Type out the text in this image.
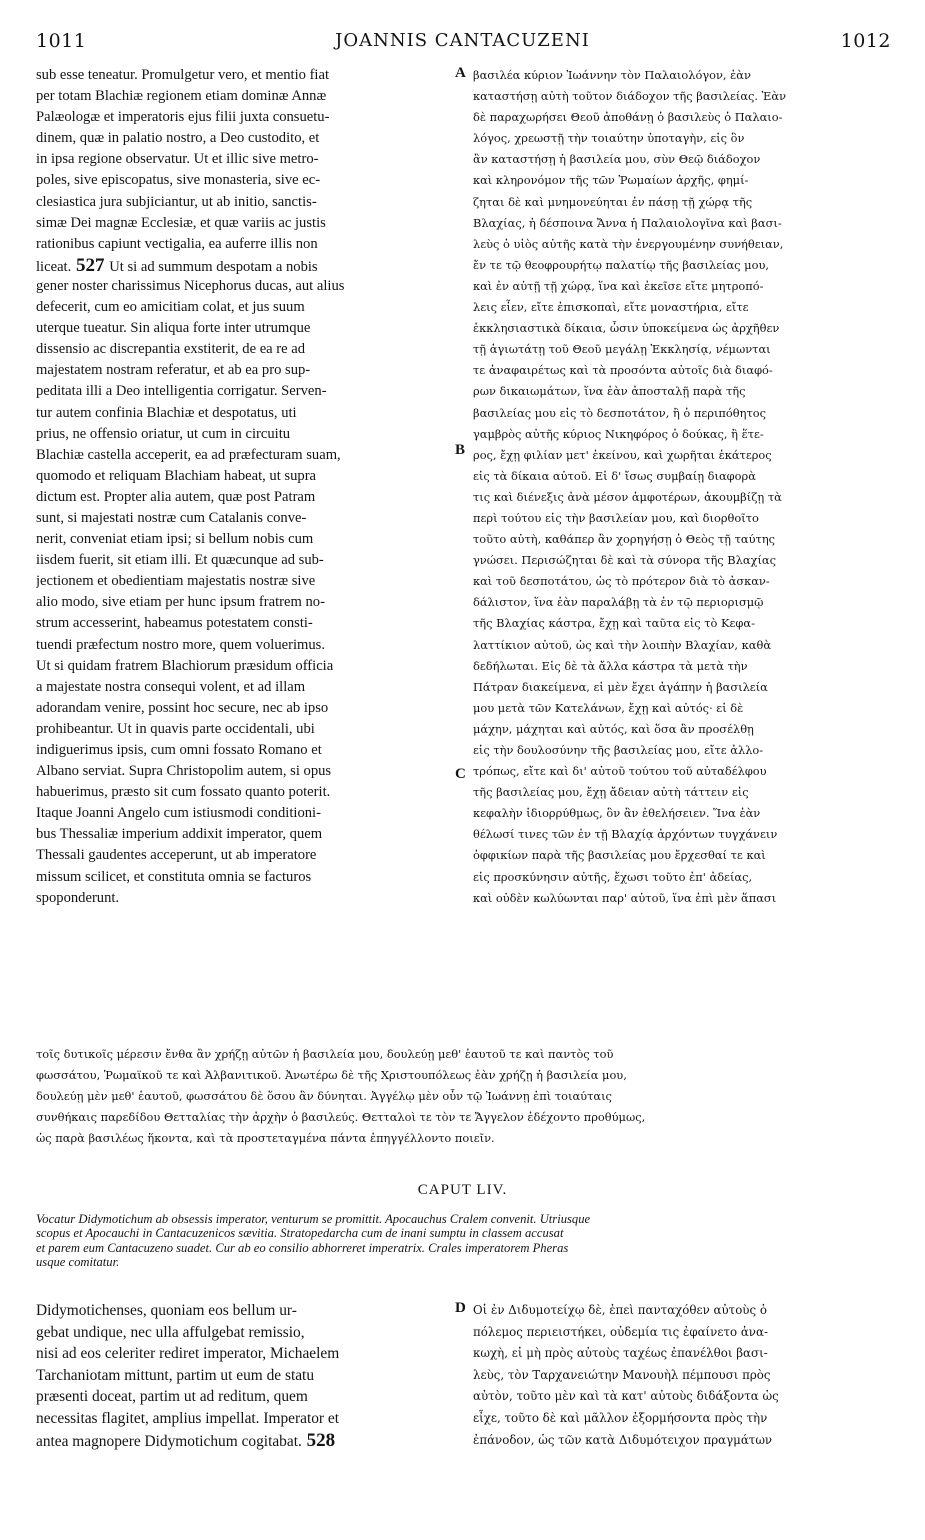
1011	JOANNIS CANTACUZENI	1012
sub esse teneatur. Promulgetur vero, et mentio fiat
per totam Blachiæ regionem etiam dominæ Annæ
Palæologæ et imperatoris ejus filii juxta consuetu-
dinem, quæ in palatio nostro, a Deo custodito, et
in ipsa regione observatur. Ut et illic sive metro-
poles, sive episcopatus, sive monasteria, sive ec-
clesiastica jura subjiciantur, ut ab initio, sanctis-
simæ Dei magnæ Ecclesiæ, et quæ variis ac justis
rationibus capiunt vectigalia, ea auferre illis non
liceat. 527 Ut si ad summum despotam a nobis
gener noster charissimus Nicephorus ducas, aut alius
defecerit, cum eo amicitiam colat, et jus suum
uterque tueatur. Sin aliqua forte inter utrumque
dissensio ac discrepantia exstiterit, de ea re ad
majestatem nostram referatur, et ab ea pro sup-
peditata illi a Deo intelligentia corrigatur. Serven-
tur autem confinia Blachiæ et despotatus, uti
prius, ne offensio oriatur, ut cum in circuitu
Blachiæ castella acceperit, ea ad præfecturam suam,
quomodo et reliquam Blachiam habeat, ut supra
dictum est. Propter alia autem, quæ post Patram
sunt, si majestati nostræ cum Catalanis conve-
nerit, conveniat etiam ipsi; si bellum nobis cum
iisdem fuerit, sit etiam illi. Et quæcunque ad sub-
jectionem et obedientiam majestatis nostræ sive
alio modo, sive etiam per hunc ipsum fratrem no-
strum accesserint, habeamus potestatem consti-
tuendi præfectum nostro more, quem voluerimus.
Ut si quidam fratrem Blachiorum præsidum officia
a majestate nostra consequi volent, et ad illam
adorandam venire, possint hoc secure, nec ab ipso
prohibeantur. Ut in quavis parte occidentali, ubi
indiguerimus ipsis, cum omni fossato Romano et
Albano serviat. Supra Christopolim autem, si opus
habuerimus, præsto sit cum fossato quanto poterit.
Itaque Joanni Angelo cum istiusmodi conditioni-
bus Thessaliæ imperium addixit imperator, quem
Thessali gaudentes acceperunt, ut ab imperatore
missum scilicet, et constituta omnia se facturos
spoponderunt.
βασιλέα κύριον Ἰωάννην τὸν Παλαιολόγον, ἐὰν
καταστήσῃ αὐτὴ τοῦτον διάδοχον τῆς βασιλείας. Ἐὰν
δὲ παραχωρήσει Θεοῦ ἀποθάνῃ ὁ βασιλεὺς ὁ Παλαιο-
λόγος, χρεωστῇ τὴν τοιαύτην ὑποταγὴν, εἰς ὃν
ἂν καταστήσῃ ἡ βασιλεία μου, σὺν Θεῷ διάδοχον
καὶ κληρονόμον τῆς τῶν Ῥωμαίων ἀρχῆς, φημί-
ζηται δὲ καὶ μνημονεύηται ἐν πάσῃ τῇ χώρᾳ τῆς
Βλαχίας, ἡ δέσποινα Ἄννα ἡ Παλαιολογῖνα καὶ βασι-
λεὺς ὁ υἱὸς αὐτῆς κατὰ τὴν ἐνεργουμένην συνήθειαν,
ἔν τε τῷ θεοφρουρήτῳ παλατίῳ τῆς βασιλείας μου,
καὶ ἐν αὐτῇ τῇ χώρᾳ, ἵνα καὶ ἐκεῖσε εἴτε μητροπό-
λεις εἶεν, εἴτε ἐπισκοπαὶ, εἴτε μοναστήρια, εἴτε
ἐκκλησιαστικὰ δίκαια, ὦσιν ὑποκείμενα ὡς ἀρχῆθεν
τῇ ἁγιωτάτῃ τοῦ Θεοῦ μεγάλῃ Ἐκκλησίᾳ, νέμωνται
τε ἀναφαιρέτως καὶ τὰ προσόντα αὐτοῖς διὰ διαφό-
ρων δικαιωμάτων, ἵνα ἐὰν ἀποσταλῇ παρὰ τῆς
βασιλείας μου εἰς τὸ δεσποτάτον, ἢ ὁ περιπόθητος
γαμβρὸς αὐτῆς κύριος Νικηφόρος ὁ δούκας, ἢ ἕτε-
ρος, ἔχῃ φιλίαν μετ' ἐκείνου, καὶ χωρῆται ἑκάτερος
εἰς τὰ δίκαια αὐτοῦ. Εἰ δ' ἴσως συμβαίῃ διαφορὰ
τις καὶ διένεξις ἀνὰ μέσον ἀμφοτέρων, ἀκουμβίζῃ τὰ
περὶ τούτου εἰς τὴν βασιλείαν μου, καὶ διορθοῖτο
τοῦτο αὐτὴ, καθάπερ ἂν χορηγήσῃ ὁ Θεὸς τῇ ταύτης
γνώσει. Περισώζηται δὲ καὶ τὰ σύνορα τῆς Βλαχίας
καὶ τοῦ δεσποτάτου, ὡς τὸ πρότερον διὰ τὸ ἀσκαν-
δάλιστον, ἵνα ἐὰν παραλάβῃ τὰ ἐν τῷ περιορισμῷ
τῆς Βλαχίας κάστρα, ἔχῃ καὶ ταῦτα εἰς τὸ Κεφα-
λαττίκιον αὐτοῦ, ὡς καὶ τὴν λοιπὴν Βλαχίαν, καθὰ
δεδήλωται. Εἰς δὲ τὰ ἄλλα κάστρα τὰ μετὰ τὴν
Πάτραν διακείμενα, εἰ μὲν ἔχει ἀγάπην ἡ βασιλεία
μου μετὰ τῶν Κατελάνων, ἔχῃ καὶ αὐτός· εἰ δὲ
μάχην, μάχηται καὶ αὐτός, καὶ ὅσα ἂν προσέλθῃ
εἰς τὴν δουλοσύνην τῆς βασιλείας μου, εἴτε ἀλλο-
τρόπως, εἴτε καὶ δι' αὐτοῦ τούτου τοῦ αὐταδέλφου
τῆς βασιλείας μου, ἔχῃ ἄδειαν αὐτὴ τάττειν εἰς
κεφαλὴν ἰδιορρύθμως, ὃν ἂν ἐθελήσειεν. Ἵνα ἐὰν
θέλωσί τινες τῶν ἐν τῇ Βλαχίᾳ ἀρχόντων τυγχάνειν
ὀφφικίων παρὰ τῆς βασιλείας μου ἔρχεσθαί τε καὶ
εἰς προσκύνησιν αὐτῆς, ἔχωσι τοῦτο ἐπ' ἀδείας,
καὶ οὐδὲν κωλύωνται παρ' αὐτοῦ, ἵνα ἐπὶ μὲν ἅπασι
A
B
C
τοῖς δυτικοῖς μέρεσιν ἔνθα ἂν χρήζῃ αὐτῶν ἡ βασιλεία μου, δουλεύῃ μεθ' ἑαυτοῦ τε καὶ παντὸς τοῦ
φωσσάτου, Ῥωμαϊκοῦ τε καὶ Ἀλβανιτικοῦ. Ἀνωτέρω δὲ τῆς Χριστουπόλεως ἐὰν χρήζῃ ἡ βασιλεία μου,
δουλεύῃ μὲν μεθ' ἑαυτοῦ, φωσσάτου δὲ ὅσου ἂν δύνηται. Ἀγγέλῳ μὲν οὖν τῷ Ἰωάννῃ ἐπὶ τοιαύταις
συνθήκαις παρεδίδου Θετταλίας τὴν ἀρχὴν ὁ βασιλεύς. Θετταλοὶ τε τὸν τε Ἄγγελον ἐδέχοντο προθύμως,
ὡς παρὰ βασιλέως ἥκοντα, καὶ τὰ προστεταγμένα πάντα ἐπηγγέλλοντο ποιεῖν.
CAPUT LIV.
Vocatur Didymotichum ab obsessis imperator, venturum se promittit. Apocauchus Cralem convenit. Utriusque
scopus et Apocauchi in Cantacuzenicos sævitia. Stratopedarcha cum de inani sumptu in classem accusat
et parem eum Cantacuzeno suadet. Cur ab eo consilio abhorreret imperatrix. Crales imperatorem Pheras
usque comitatur.
Didymotichenses, quoniam eos bellum ur-
gebat undique, nec ulla affulgebat remissio,
nisi ad eos celeriter rediret imperator, Michaelem
Tarchaniotam mittunt, partim ut eum de statu
præsenti doceat, partim ut ad reditum, quem
necessitas flagitet, amplius impellat. Imperator et
antea magnopere Didymotichum cogitabat. 528
Οἱ ἐν Διδυμοτείχῳ δὲ, ἐπεὶ πανταχόθεν αὐτοὺς ὁ
πόλεμος περιειστήκει, οὐδεμία τις ἐφαίνετο ἀνα-
κωχὴ, εἰ μὴ πρὸς αὐτοὺς ταχέως ἐπανέλθοι βασι-
λεὺς, τὸν Ταρχανειώτην Μανουὴλ πέμπουσι πρὸς
αὐτὸν, τοῦτο μὲν καὶ τὰ κατ' αὐτοὺς διδάξοντα ὡς
εἶχε, τοῦτο δὲ καὶ μᾶλλον ἐξορμήσοντα πρὸς τὴν
ἐπάνοδον, ὡς τῶν κατὰ Διδυμότειχον πραγμάτων
D
